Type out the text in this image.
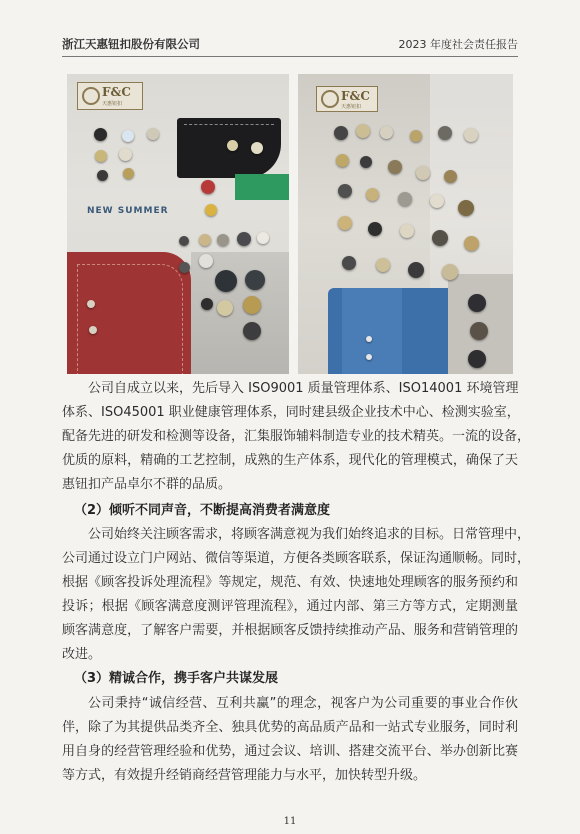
浙江天惠钮扣股份有限公司	2023 年度社会责任报告
F&C
天惠钮扣
NEW SUMMER
F&C
天惠钮扣
公司自成立以来，先后导入 ISO9001 质量管理体系、ISO14001 环境管理
体系、ISO45001 职业健康管理体系，同时建县级企业技术中心、检测实验室，
配备先进的研发和检测等设备，汇集服饰辅料制造专业的技术精英。一流的设备，
优质的原料，精确的工艺控制，成熟的生产体系，现代化的管理模式，确保了天
惠钮扣产品卓尔不群的品质。
（2）倾听不同声音，不断提高消费者满意度
公司始终关注顾客需求，将顾客满意视为我们始终追求的目标。日常管理中，
公司通过设立门户网站、微信等渠道，方便各类顾客联系，保证沟通顺畅。同时，
根据《顾客投诉处理流程》等规定，规范、有效、快速地处理顾客的服务预约和
投诉；根据《顾客满意度测评管理流程》，通过内部、第三方等方式，定期测量
顾客满意度，了解客户需要，并根据顾客反馈持续推动产品、服务和营销管理的
改进。
（3）精诚合作，携手客户共谋发展
公司秉持“诚信经营、互利共赢”的理念，视客户为公司重要的事业合作伙
伴，除了为其提供品类齐全、独具优势的高品质产品和一站式专业服务，同时利
用自身的经营管理经验和优势，通过会议、培训、搭建交流平台、举办创新比赛
等方式，有效提升经销商经营管理能力与水平，加快转型升级。
11
